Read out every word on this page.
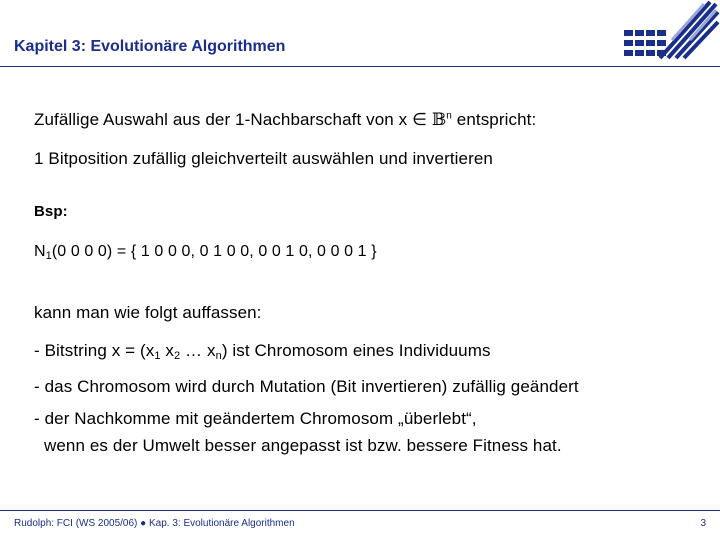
Kapitel 3: Evolutionäre Algorithmen
Zufällige Auswahl aus der 1-Nachbarschaft von x ∈ 𝔹$^n$ entspricht:
1 Bitposition zufällig gleichverteilt auswählen und invertieren
Bsp:
$N_1(0$ 0 0 0) = { 1 0 0 0, 0 1 0 0, 0 0 1 0, 0 0 0 1 }
kann man wie folgt auffassen:
- Bitstring $x = (x_1$ $x_2$ … $x_n$) ist Chromosom eines Individuums
- das Chromosom wird durch Mutation (Bit invertieren) zufällig geändert
- der Nachkomme mit geändertem Chromosom „überlebt“,
wenn es der Umwelt besser angepasst ist bzw. bessere Fitness hat.
Rudolph: FCI (WS 2005/06) ● Kap. 3: Evolutionäre Algorithmen	3
